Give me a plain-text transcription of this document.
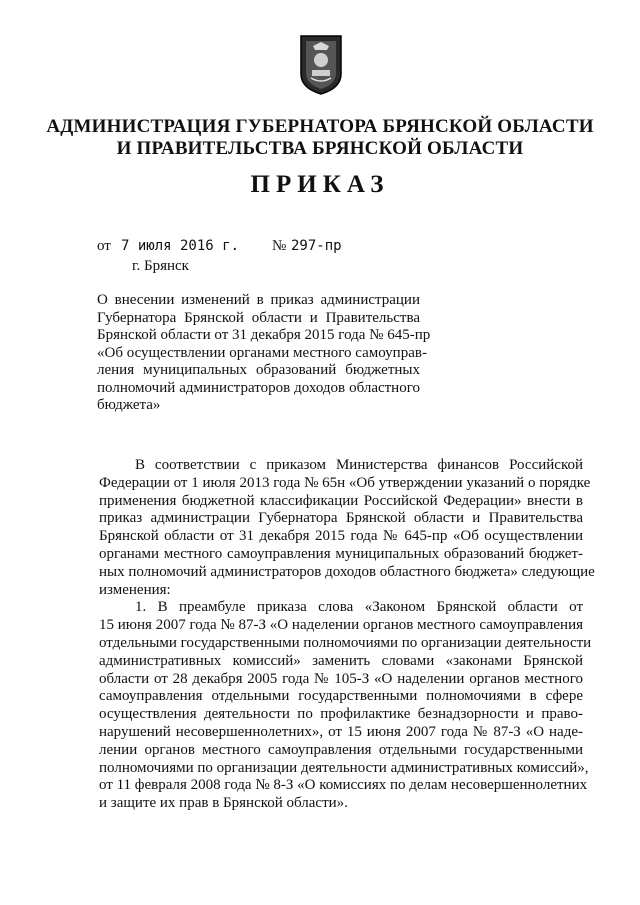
АДМИНИСТРАЦИЯ ГУБЕРНАТОРА БРЯНСКОЙ ОБЛАСТИ
И ПРАВИТЕЛЬСТВА БРЯНСКОЙ ОБЛАСТИ
ПРИКАЗ
от 7 июля 2016 г. № 297-пр
г. Брянск
О внесении изменений в приказ администрации
Губернатора Брянской области и Правительства
Брянской области от 31 декабря 2015 года № 645-пр
«Об осуществлении органами местного самоуправ-
ления муниципальных образований бюджетных
полномочий администраторов доходов областного
бюджета»
В соответствии с приказом Министерства финансов Российской
Федерации от 1 июля 2013 года № 65н «Об утверждении указаний о порядке
применения бюджетной классификации Российской Федерации» внести в
приказ администрации Губернатора Брянской области и Правительства
Брянской области от 31 декабря 2015 года № 645-пр «Об осуществлении
органами местного самоуправления муниципальных образований бюджет-
ных полномочий администраторов доходов областного бюджета» следующие
изменения:
1. В преамбуле приказа слова «Законом Брянской области от
15 июня 2007 года № 87-З «О наделении органов местного самоуправления
отдельными государственными полномочиями по организации деятельности
административных комиссий» заменить словами «законами Брянской
области от 28 декабря 2005 года № 105-З «О наделении органов местного
самоуправления отдельными государственными полномочиями в сфере
осуществления деятельности по профилактике безнадзорности и право-
нарушений несовершеннолетних», от 15 июня 2007 года № 87-З «О наде-
лении органов местного самоуправления отдельными государственными
полномочиями по организации деятельности административных комиссий»,
от 11 февраля 2008 года № 8-З «О комиссиях по делам несовершеннолетних
и защите их прав в Брянской области».
